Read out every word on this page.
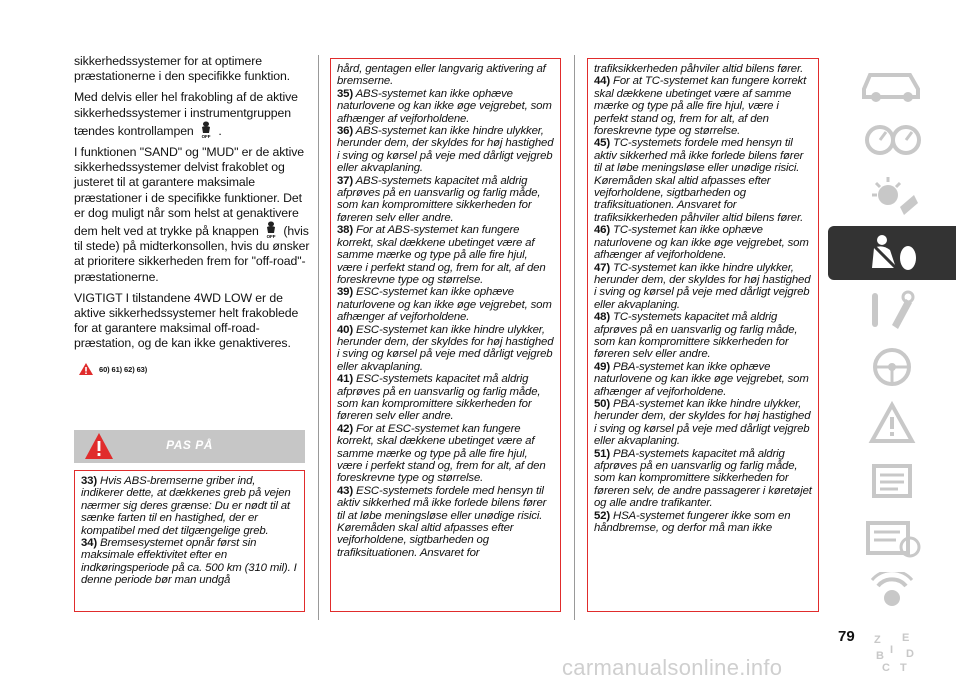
sikkerhedssystemer for at optimere præstationerne i den specifikke funktion.

Med delvis eller hel frakobling af de aktive sikkerhedssystemer i instrumentgruppen tændes kontrollampen OFF .

I funktionen "SAND" og "MUD" er de aktive sikkerhedssystemer delvist frakoblet og justeret til at garantere maksimale præstationer i de specifikke funktioner. Det er dog muligt når som helst at genaktivere dem helt ved at trykke på knappen OFF (hvis til stede) på midterkonsollen, hvis du ønsker at prioritere sikkerheden frem for "off-road"-præstationerne.

VIGTIGT I tilstandene 4WD LOW er de aktive sikkerhedssystemer helt frakoblede for at garantere maksimal off-road-præstation, og de kan ikke genaktiveres.

60) 61) 62) 63)
PAS PÅ

33) Hvis ABS-bremserne griber ind, indikerer dette, at dækkenes greb på vejen nærmer sig deres grænse: Du er nødt til at sænke farten til en hastighed, der er kompatibel med det tilgængelige greb.

34) Bremsesystemet opnår først sin maksimale effektivitet efter en indkøringsperiode på ca. 500 km (310 mil). I denne periode bør man undgå

hård, gentagen eller langvarig aktivering af bremserne.

35) ABS-systemet kan ikke ophæve naturlovene og kan ikke øge vejgrebet, som afhænger af vejforholdene.

36) ABS-systemet kan ikke hindre ulykker, herunder dem, der skyldes for høj hastighed i sving og kørsel på veje med dårligt vejgreb eller akvaplaning.

37) ABS-systemets kapacitet må aldrig afprøves på en uansvarlig og farlig måde, som kan kompromittere sikkerheden for føreren selv eller andre.

38) For at ABS-systemet kan fungere korrekt, skal dækkene ubetinget være af samme mærke og type på alle fire hjul, være i perfekt stand og, frem for alt, af den foreskrevne type og størrelse.

39) ESC-systemet kan ikke ophæve naturlovene og kan ikke øge vejgrebet, som afhænger af vejforholdene.

40) ESC-systemet kan ikke hindre ulykker, herunder dem, der skyldes for høj hastighed i sving og kørsel på veje med dårligt vejgreb eller akvaplaning.

41) ESC-systemets kapacitet må aldrig afprøves på en uansvarlig og farlig måde, som kan kompromittere sikkerheden for føreren selv eller andre.

42) For at ESC-systemet kan fungere korrekt, skal dækkene ubetinget være af samme mærke og type på alle fire hjul, være i perfekt stand og, frem for alt, af den foreskrevne type og størrelse.

43) ESC-systemets fordele med hensyn til aktiv sikkerhed må ikke forlede bilens fører til at løbe meningsløse eller unødige risici. Køremåden skal altid afpasses efter vejforholdene, sigtbarheden og trafiksituationen. Ansvaret for

trafiksikkerheden påhviler altid bilens fører.

44) For at TC-systemet kan fungere korrekt skal dækkene ubetinget være af samme mærke og type på alle fire hjul, være i perfekt stand og, frem for alt, af den foreskrevne type og størrelse.

45) TC-systemets fordele med hensyn til aktiv sikkerhed må ikke forlede bilens fører til at løbe meningsløse eller unødige risici. Køremåden skal altid afpasses efter vejforholdene, sigtbarheden og trafiksituationen. Ansvaret for trafiksikkerheden påhviler altid bilens fører.

46) TC-systemet kan ikke ophæve naturlovene og kan ikke øge vejgrebet, som afhænger af vejforholdene.

47) TC-systemet kan ikke hindre ulykker, herunder dem, der skyldes for høj hastighed i sving og kørsel på veje med dårligt vejgreb eller akvaplaning.

48) TC-systemets kapacitet må aldrig afprøves på en uansvarlig og farlig måde, som kan kompromittere sikkerheden for føreren selv eller andre.

49) PBA-systemet kan ikke ophæve naturlovene og kan ikke øge vejgrebet, som afhænger af vejforholdene.

50) PBA-systemet kan ikke hindre ulykker, herunder dem, der skyldes for høj hastighed i sving og kørsel på veje med dårligt vejgreb eller akvaplaning.

51) PBA-systemets kapacitet må aldrig afprøves på en uansvarlig og farlig måde, som kan kompromittere sikkerheden for føreren selv, de andre passagerer i køretøjet og alle andre trafikanter.

52) HSA-systemet fungerer ikke som en håndbremse, og derfor må man ikke

Z E
B D
I
C T
79
carmanualsonline.info
